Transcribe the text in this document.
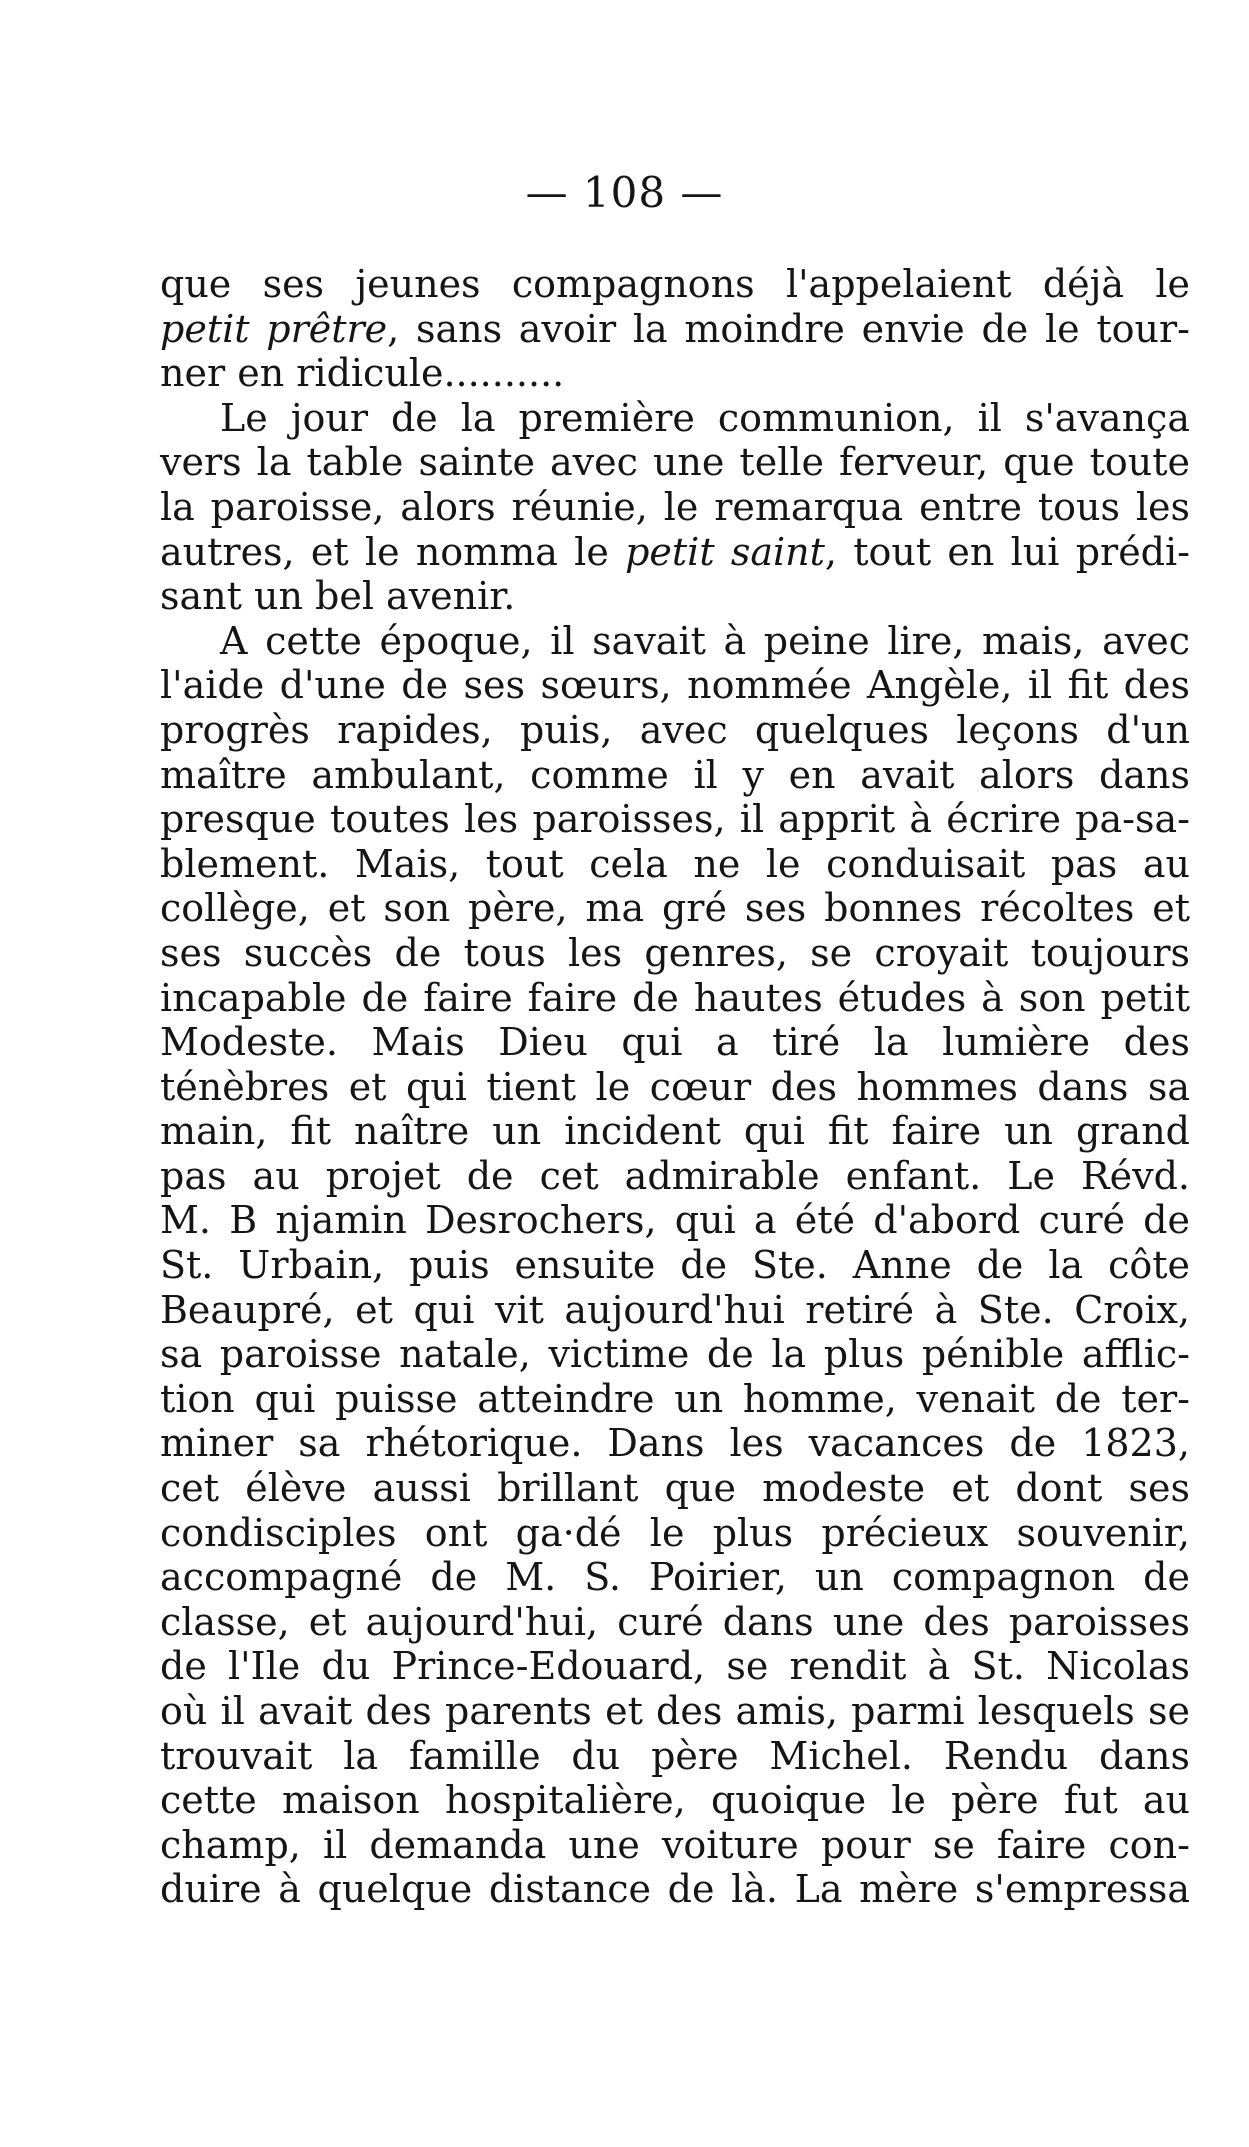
— 108 —
que ses jeunes compagnons l'appelaient déjà le
petit prêtre, sans avoir la moindre envie de le tour-
ner en ridicule..........
Le jour de la première communion, il s'avança
vers la table sainte avec une telle ferveur, que toute
la paroisse, alors réunie, le remarqua entre tous les
autres, et le nomma le petit saint, tout en lui prédi-
sant un bel avenir.
A cette époque, il savait à peine lire, mais, avec
l'aide d'une de ses sœurs, nommée Angèle, il fit des
progrès rapides, puis, avec quelques leçons d'un
maître ambulant, comme il y en avait alors dans
presque toutes les paroisses, il apprit à écrire pa-sa-
blement. Mais, tout cela ne le conduisait pas au
collège, et son père, ma gré ses bonnes récoltes et
ses succès de tous les genres, se croyait toujours
incapable de faire faire de hautes études à son petit
Modeste. Mais Dieu qui a tiré la lumière des
ténèbres et qui tient le cœur des hommes dans sa
main, fit naître un incident qui fit faire un grand
pas au projet de cet admirable enfant. Le Révd.
M. B njamin Desrochers, qui a été d'abord curé de
St. Urbain, puis ensuite de Ste. Anne de la côte
Beaupré, et qui vit aujourd'hui retiré à Ste. Croix,
sa paroisse natale, victime de la plus pénible afflic-
tion qui puisse atteindre un homme, venait de ter-
miner sa rhétorique. Dans les vacances de 1823,
cet élève aussi brillant que modeste et dont ses
condisciples ont ga·dé le plus précieux souvenir,
accompagné de M. S. Poirier, un compagnon de
classe, et aujourd'hui, curé dans une des paroisses
de l'Ile du Prince-Edouard, se rendit à St. Nicolas
où il avait des parents et des amis, parmi lesquels se
trouvait la famille du père Michel. Rendu dans
cette maison hospitalière, quoique le père fut au
champ, il demanda une voiture pour se faire con-
duire à quelque distance de là. La mère s'empressa
